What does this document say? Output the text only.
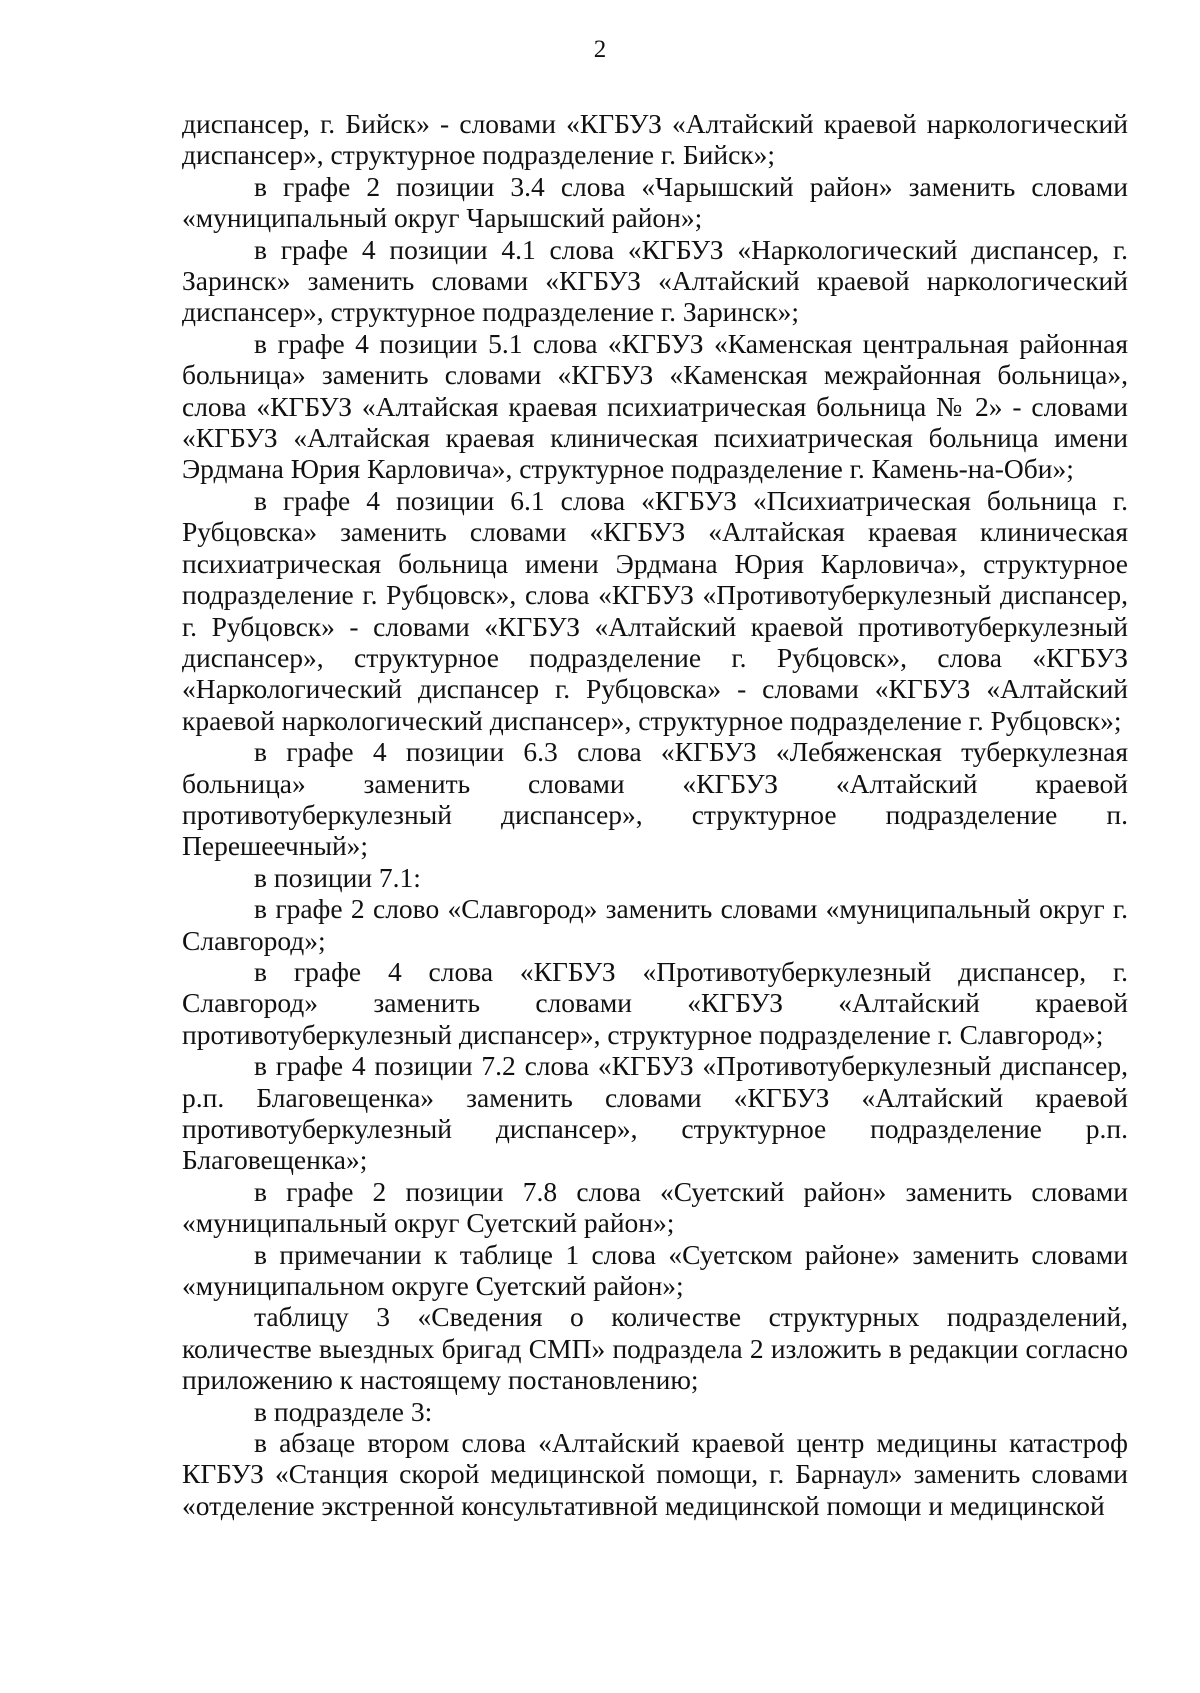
2

диспансер, г. Бийск» - словами «КГБУЗ «Алтайский краевой наркологический диспансер», структурное подразделение г. Бийск»;

в графе 2 позиции 3.4 слова «Чарышский район» заменить словами «муниципальный округ Чарышский район»;

в графе 4 позиции 4.1 слова «КГБУЗ «Наркологический диспансер, г. Заринск» заменить словами «КГБУЗ «Алтайский краевой наркологический диспансер», структурное подразделение г. Заринск»;

в графе 4 позиции 5.1 слова «КГБУЗ «Каменская центральная районная больница» заменить словами «КГБУЗ «Каменская межрайонная больница», слова «КГБУЗ «Алтайская краевая психиатрическая больница № 2» - словами «КГБУЗ «Алтайская краевая клиническая психиатрическая больница имени Эрдмана Юрия Карловича», структурное подразделение г. Камень-на-Оби»;

в графе 4 позиции 6.1 слова «КГБУЗ «Психиатрическая больница г. Рубцовска» заменить словами «КГБУЗ «Алтайская краевая клиническая психиатрическая больница имени Эрдмана Юрия Карловича», структурное подразделение г. Рубцовск», слова «КГБУЗ «Противотуберкулезный диспансер, г. Рубцовск» - словами «КГБУЗ «Алтайский краевой противотуберкулезный диспансер», структурное подразделение г. Рубцовск», слова «КГБУЗ «Наркологический диспансер г. Рубцовска» - словами «КГБУЗ «Алтайский краевой наркологический диспансер», структурное подразделение г. Рубцовск»;

в графе 4 позиции 6.3 слова «КГБУЗ «Лебяженская туберкулезная больница» заменить словами «КГБУЗ «Алтайский краевой противотуберкулезный диспансер», структурное подразделение п. Перешеечный»;

в позиции 7.1:

в графе 2 слово «Славгород» заменить словами «муниципальный округ г. Славгород»;

в графе 4 слова «КГБУЗ «Противотуберкулезный диспансер, г. Славгород» заменить словами «КГБУЗ «Алтайский краевой противотуберкулезный диспансер», структурное подразделение г. Славгород»;

в графе 4 позиции 7.2 слова «КГБУЗ «Противотуберкулезный диспансер, р.п. Благовещенка» заменить словами «КГБУЗ «Алтайский краевой противотуберкулезный диспансер», структурное подразделение р.п. Благовещенка»;

в графе 2 позиции 7.8 слова «Суетский район» заменить словами «муниципальный округ Суетский район»;

в примечании к таблице 1 слова «Суетском районе» заменить словами «муниципальном округе Суетский район»;

таблицу 3 «Сведения о количестве структурных подразделений, количестве выездных бригад СМП» подраздела 2 изложить в редакции согласно приложению к настоящему постановлению;

в подразделе 3:

в абзаце втором слова «Алтайский краевой центр медицины катастроф КГБУЗ «Станция скорой медицинской помощи, г. Барнаул» заменить словами «отделение экстренной консультативной медицинской помощи и медицинской
